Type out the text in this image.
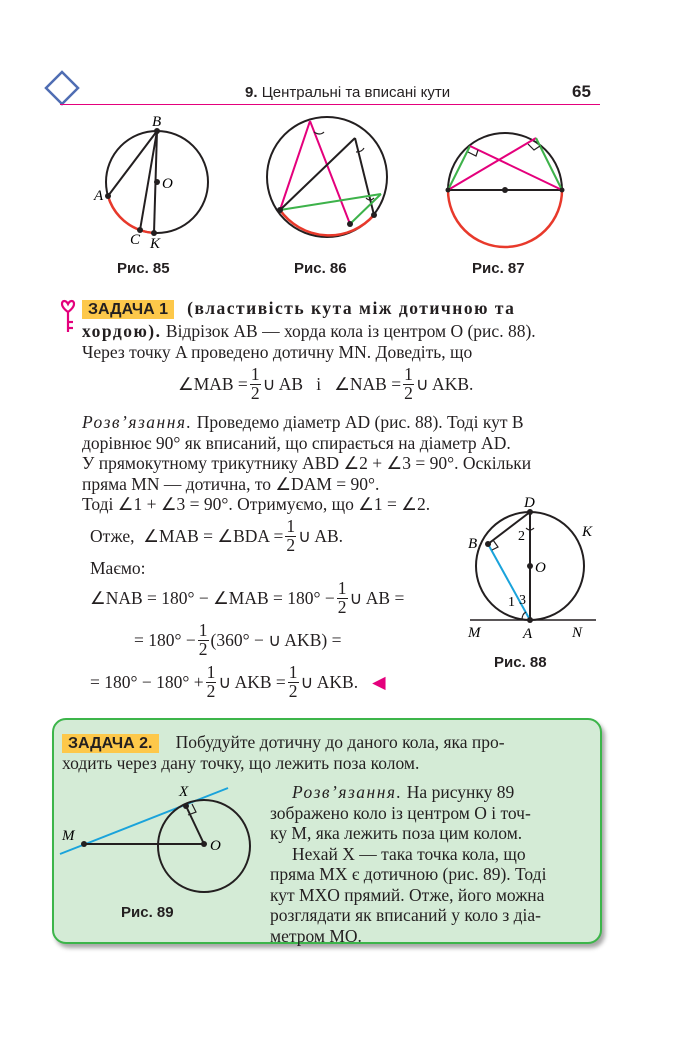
9. Центральні та вписані кути	65
B
A
O
C K
Рис. 85	Рис. 86	Рис. 87
ЗАДАЧА 1 (властивість кута між дотичною та
хордою). Відрізок AB — хорда кола із центром O (рис. 88).
Через точку A проведено дотичну MN. Доведіть, що
∠MAB = $\frac{1}{2}$ ∪ AB   і   ∠NAB = $\frac{1}{2}$ ∪ AKB.
Розв’язання. Проведемо діаметр AD (рис. 88). Тоді кут B
дорівнює 90° як вписаний, що спирається на діаметр AD.
У прямокутному трикутнику ABD ∠2 + ∠3 = 90°. Оскільки
пряма MN — дотична, то ∠DAM = 90°.
Тоді ∠1 + ∠3 = 90°. Отримуємо, що ∠1 = ∠2.
Отже,  ∠MAB = ∠BDA = $\frac{1}{2}$ ∪ AB.
Маємо:
∠NAB = 180° − ∠MAB = $180^\circ - \frac{1}{2}$ ∪ AB =
= $180^\circ - \frac{1}{2} (360^\circ$ − ∪ AKB) =
= $180^\circ - 180^\circ + \frac{1}{2}$ ∪ AKB = $\frac{1}{2}$ ∪ AKB. ◀
D
K
B
O
M	A	N
1
2
3
Рис. 88
ЗАДАЧА 2. Побудуйте дотичну до даного кола, яка про-
ходить через дану точку, що лежить поза колом.
X
M
O
Рис. 89
Розв’язання. На рисунку 89
зображено коло із центром O і точ-
ку M, яка лежить поза цим колом.
Нехай X — така точка кола, що
пряма MX є дотичною (рис. 89). Тоді
кут MXO прямий. Отже, його можна
розглядати як вписаний у коло з діа-
метром MO.
